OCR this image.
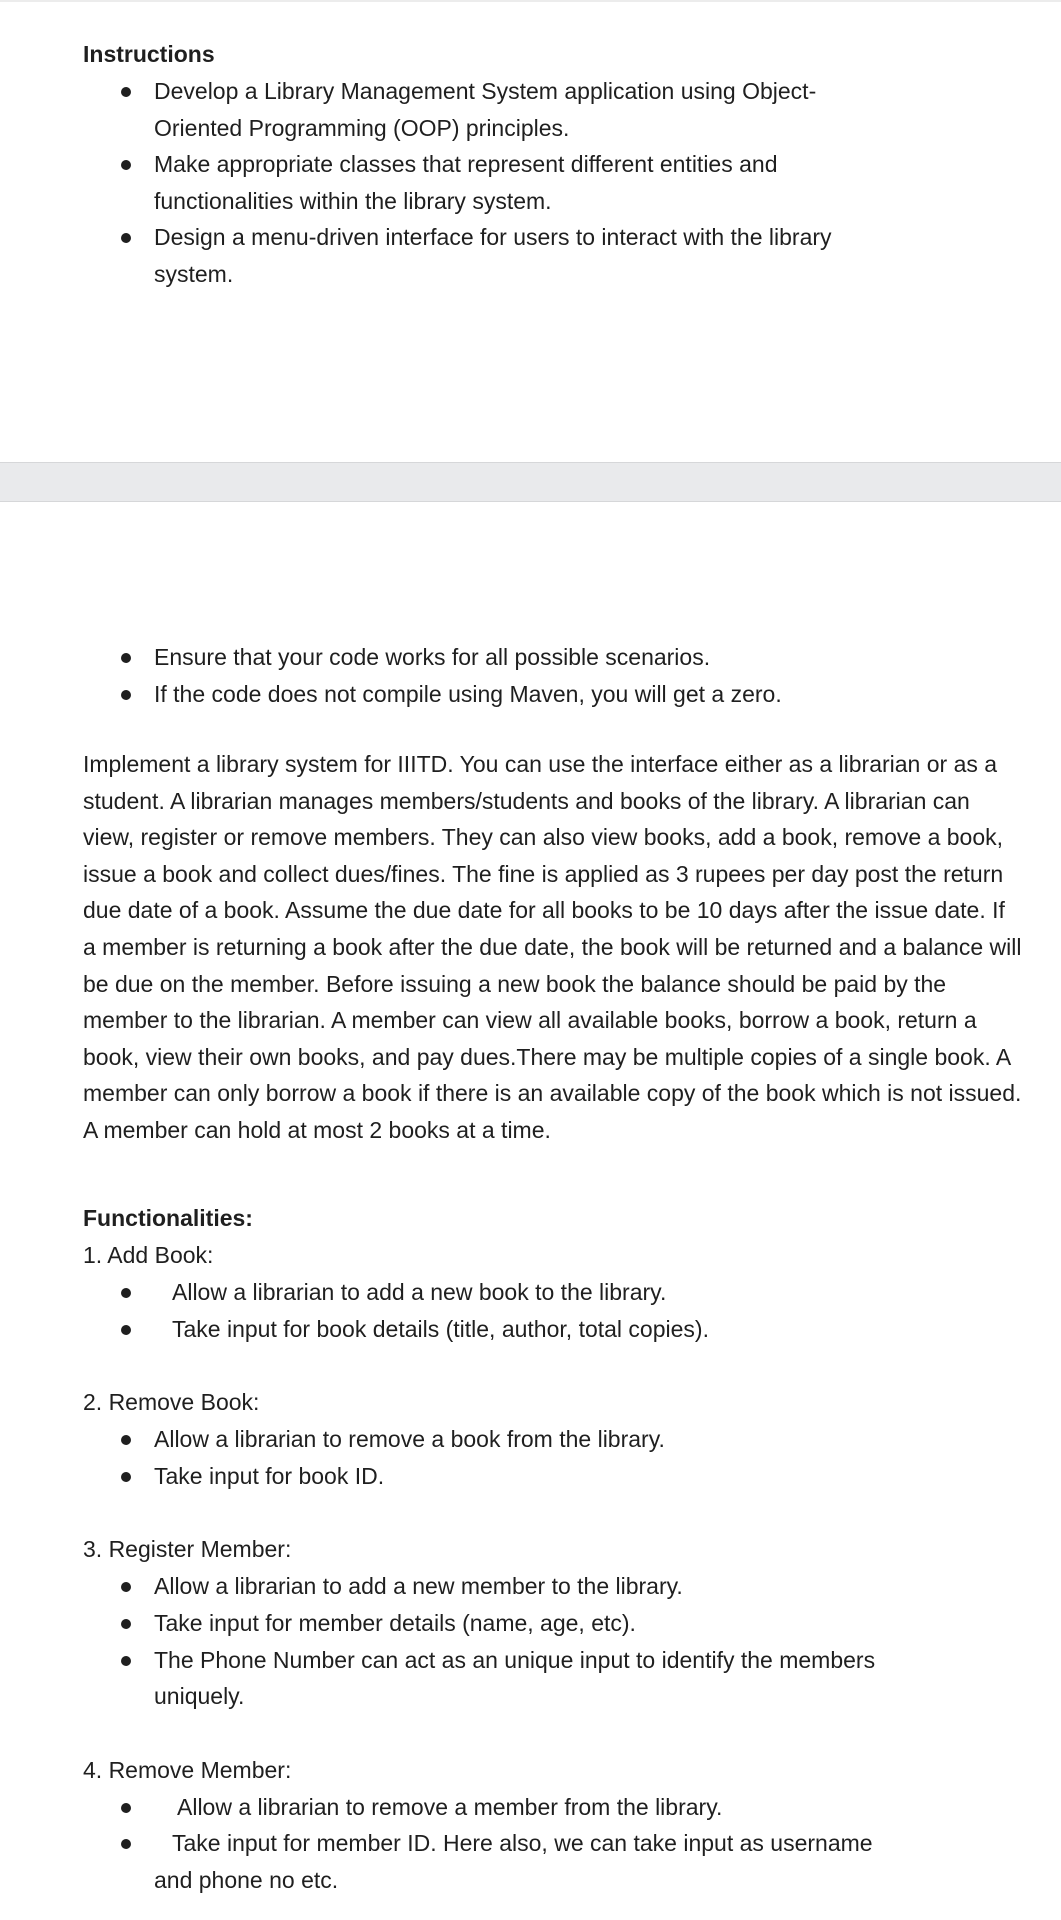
Instructions

Develop a Library Management System application using Object-Oriented Programming (OOP) principles.
Make appropriate classes that represent different entities and functionalities within the library system.
Design a menu-driven interface for users to interact with the library system.
Ensure that your code works for all possible scenarios.
If the code does not compile using Maven, you will get a zero.

Implement a library system for IIITD. You can use the interface either as a librarian or as a student. A librarian manages members/students and books of the library. A librarian can view, register or remove members. They can also view books, add a book, remove a book, issue a book and collect dues/fines. The fine is applied as 3 rupees per day post the return due date of a book. Assume the due date for all books to be 10 days after the issue date. If a member is returning a book after the due date, the book will be returned and a balance will be due on the member. Before issuing a new book the balance should be paid by the member to the librarian. A member can view all available books, borrow a book, return a book, view their own books, and pay dues.There may be multiple copies of a single book. A member can only borrow a book if there is an available copy of the book which is not issued. A member can hold at most 2 books at a time.

Functionalities:

1. Add Book:

Allow a librarian to add a new book to the library.
Take input for book details (title, author, total copies).

2. Remove Book:

Allow a librarian to remove a book from the library.
Take input for book ID.

3. Register Member:

Allow a librarian to add a new member to the library.
Take input for member details (name, age, etc).
The Phone Number can act as an unique input to identify the members uniquely.

4. Remove Member:

Allow a librarian to remove a member from the library.
Take input for member ID. Here also, we can take input as username and phone no etc.
